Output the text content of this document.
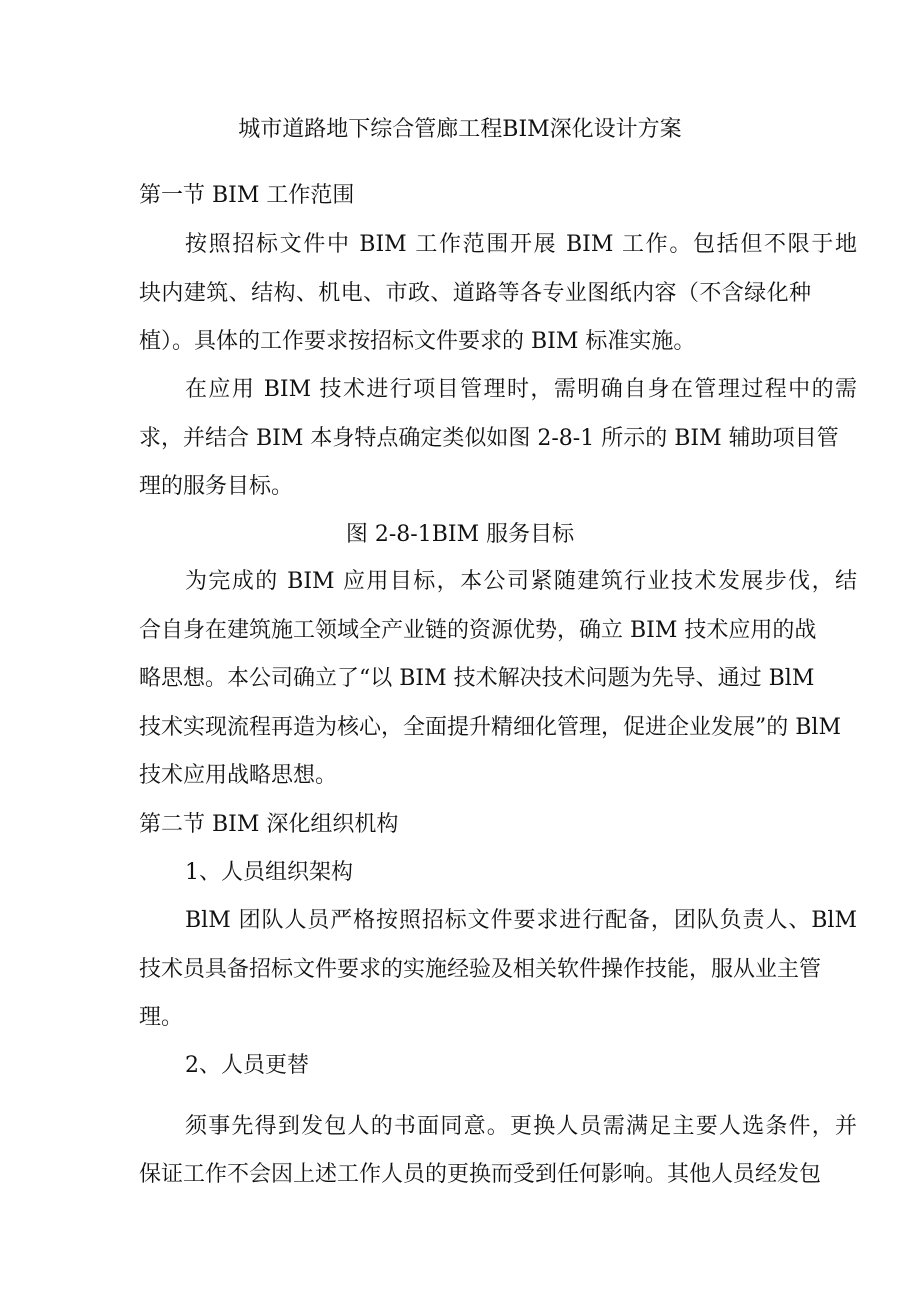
城市道路地下综合管廊工程BIM深化设计方案
第一节 BIM 工作范围
按照招标文件中 BIM 工作范围开展 BIM 工作。包括但不限于地
块内建筑、结构、机电、市政、道路等各专业图纸内容（不含绿化种
植）。具体的工作要求按招标文件要求的 BIM 标准实施。
在应用 BIM 技术进行项目管理时，需明确自身在管理过程中的需
求，并结合 BIM 本身特点确定类似如图 2-8-1 所示的 BIM 辅助项目管
理的服务目标。
图 2-8-1BIM 服务目标
为完成的 BIM 应用目标，本公司紧随建筑行业技术发展步伐，结
合自身在建筑施工领域全产业链的资源优势，确立 BIM 技术应用的战
略思想。本公司确立了“以 BIM 技术解决技术问题为先导、通过 BlM
技术实现流程再造为核心，全面提升精细化管理，促进企业发展”的 BlM
技术应用战略思想。
第二节 BIM 深化组织机构
1、人员组织架构
BlM 团队人员严格按照招标文件要求进行配备，团队负责人、BlM
技术员具备招标文件要求的实施经验及相关软件操作技能，服从业主管
理。
2、人员更替
须事先得到发包人的书面同意。更换人员需满足主要人选条件，并
保证工作不会因上述工作人员的更换而受到任何影响。其他人员经发包
